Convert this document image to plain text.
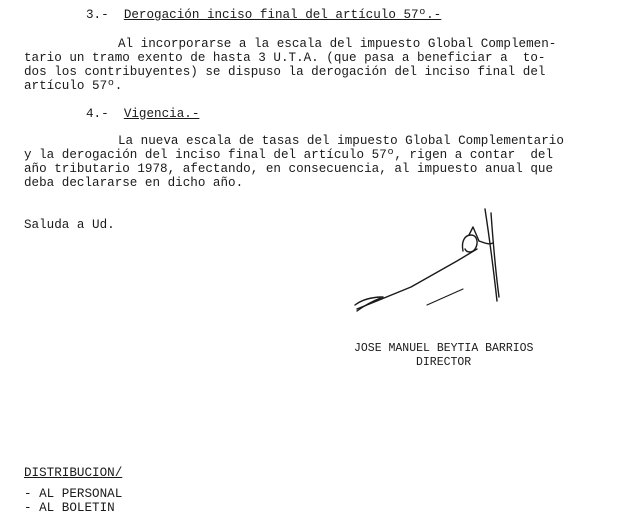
3.- Derogación inciso final del artículo 57º.-
Al incorporarse a la escala del impuesto Global Complemen-
tario un tramo exento de hasta 3 U.T.A. (que pasa a beneficiar a  to-
dos los contribuyentes) se dispuso la derogación del inciso final del
artículo 57º.
4.- Vigencia.-
La nueva escala de tasas del impuesto Global Complementario
y la derogación del inciso final del artículo 57º, rigen a contar  del
año tributario 1978, afectando, en consecuencia, al impuesto anual que
deba declararse en dicho año.
Saluda a Ud.
JOSE MANUEL BEYTIA BARRIOS
DIRECTOR
DISTRIBUCION/
- AL PERSONAL
- AL BOLETIN
